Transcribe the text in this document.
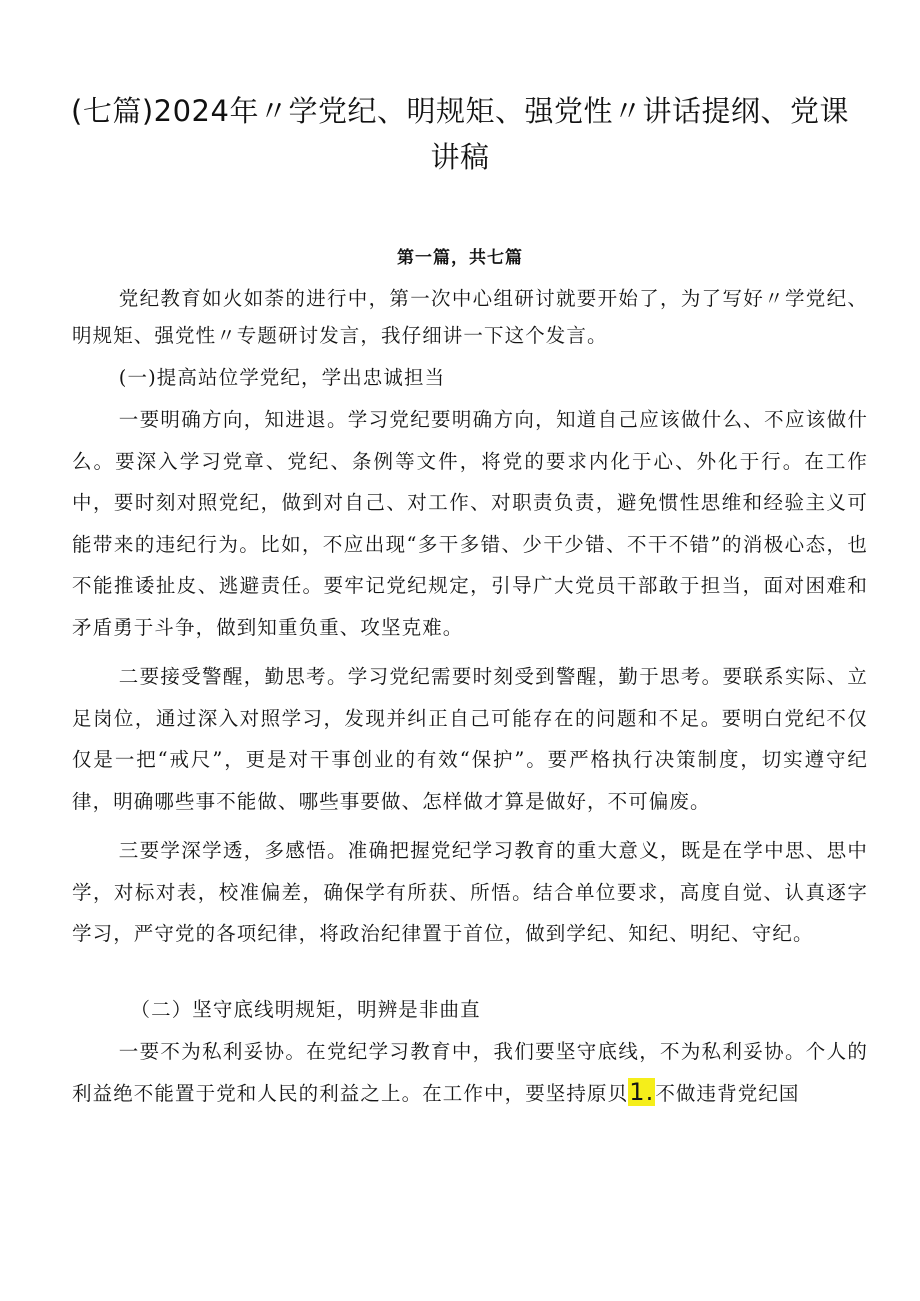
(七篇)2024年〃学党纪、明规矩、强党性〃讲话提纲、党课
讲稿
第一篇，共七篇

党纪教育如火如荼的进行中，第一次中心组研讨就要开始了，为了写好〃学党纪、明规矩、强党性〃专题研讨发言，我仔细讲一下这个发言。

(一)提高站位学党纪，学出忠诚担当

一要明确方向，知进退。学习党纪要明确方向，知道自己应该做什么、不应该做什么。要深入学习党章、党纪、条例等文件，将党的要求内化于心、外化于行。在工作中，要时刻对照党纪，做到对自己、对工作、对职责负责，避免惯性思维和经验主义可能带来的违纪行为。比如，不应出现“多干多错、少干少错、不干不错”的消极心态，也不能推诿扯皮、逃避责任。要牢记党纪规定，引导广大党员干部敢于担当，面对困难和矛盾勇于斗争，做到知重负重、攻坚克难。

二要接受警醒，勤思考。学习党纪需要时刻受到警醒，勤于思考。要联系实际、立足岗位，通过深入对照学习，发现并纠正自己可能存在的问题和不足。要明白党纪不仅仅是一把“戒尺”，更是对干事创业的有效“保护”。要严格执行决策制度，切实遵守纪律，明确哪些事不能做、哪些事要做、怎样做才算是做好，不可偏废。

三要学深学透，多感悟。准确把握党纪学习教育的重大意义，既是在学中思、思中学，对标对表，校准偏差，确保学有所获、所悟。结合单位要求，高度自觉、认真逐字学习，严守党的各项纪律，将政治纪律置于首位，做到学纪、知纪、明纪、守纪。

（二）坚守底线明规矩，明辨是非曲直

一要不为私利妥协。在党纪学习教育中，我们要坚守底线，不为私利妥协。个人的利益绝不能置于党和人民的利益之上。在工作中，要坚持原贝1.不做违背党纪国
